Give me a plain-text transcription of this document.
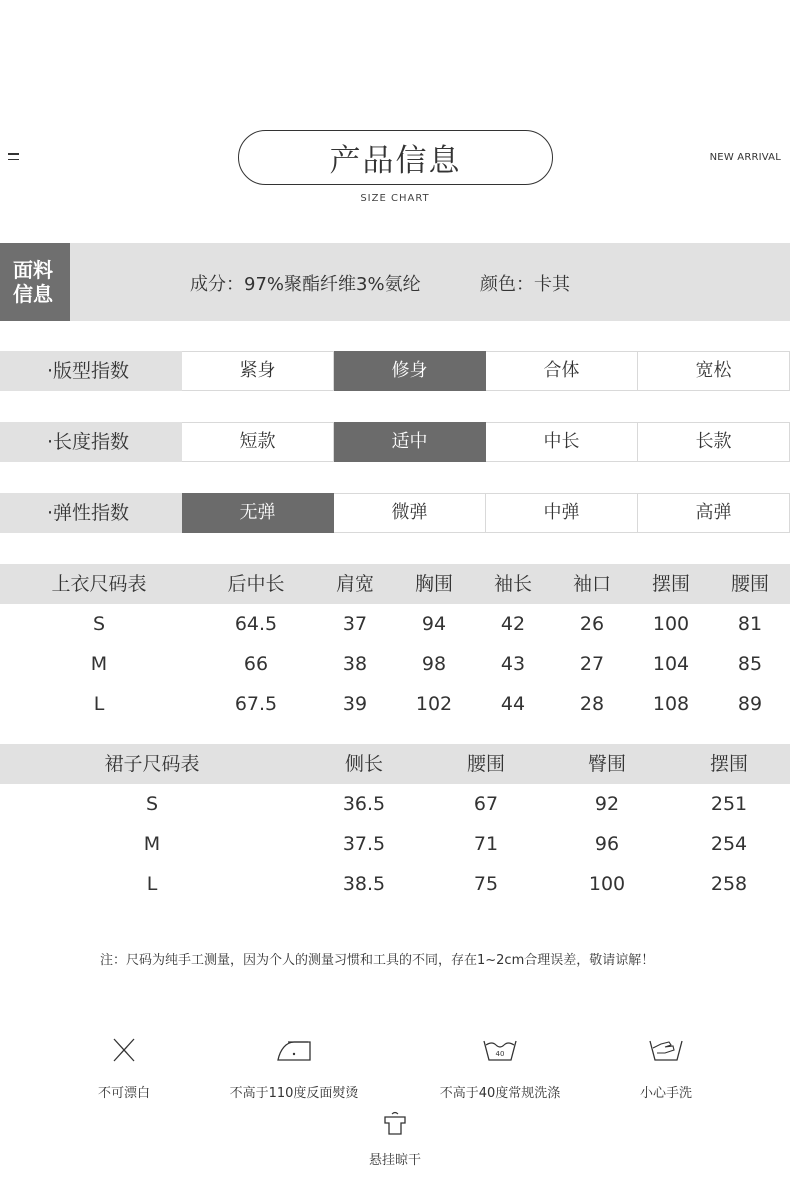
产品信息
SIZE CHART
NEW ARRIVAL
面料
信息	成分：97%聚酯纤维3%氨纶	颜色：卡其
·版型指数	紧身	修身	合体	宽松
·长度指数	短款	适中	中长	长款
·弹性指数	无弹	微弹	中弹	高弹
上衣尺码表	后中长	肩宽 胸围 袖长 袖口 摆围 腰围
S	64.5	37	94	42	26	100	81
M	66	38	98	43	27	104	85
L	67.5	39	102	44	28	108	89
裙子尺码表	侧长	腰围	臀围	摆围
S	36.5	67	92	251
M	37.5	71	96	254
L	38.5	75	100	258
注：尺码为纯手工测量，因为个人的测量习惯和工具的不同，存在1~2cm合理误差，敬请谅解！
不可漂白	不高于110度反面熨烫
40
不高于40度常规洗涤	小心手洗
悬挂晾干
